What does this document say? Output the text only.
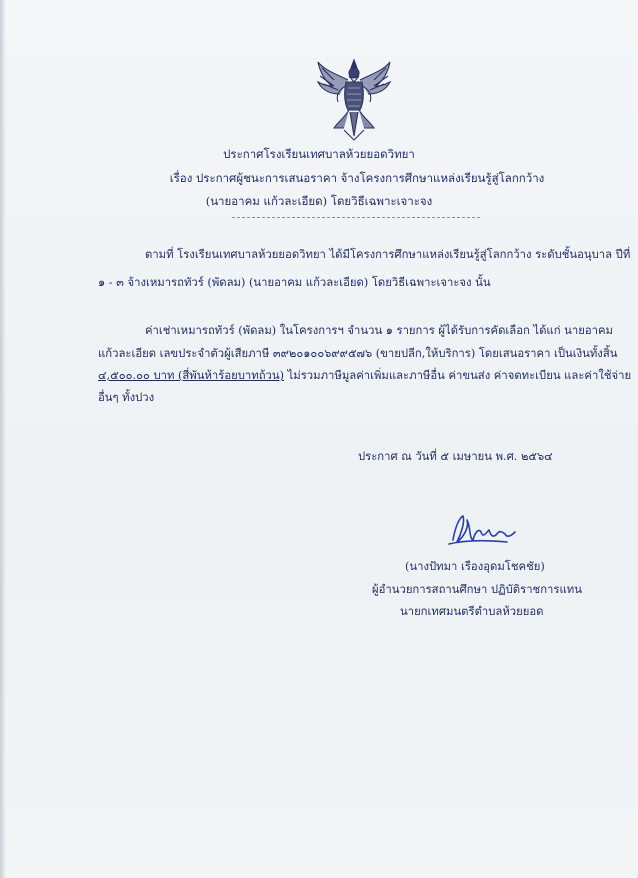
ประกาศโรงเรียนเทศบาลห้วยยอดวิทยา
เรื่อง ประกาศผู้ชนะการเสนอราคา จ้างโครงการศึกษาแหล่งเรียนรู้สู่โลกกว้าง
(นายอาคม แก้วละเอียด) โดยวิธีเฉพาะเจาะจง
ตามที่ โรงเรียนเทศบาลห้วยยอดวิทยา ได้มีโครงการศึกษาแหล่งเรียนรู้สู่โลกกว้าง ระดับชั้นอนุบาล ปีที่
๑ - ๓ จ้างเหมารถทัวร์ (พัดลม) (นายอาคม แก้วละเอียด) โดยวิธีเฉพาะเจาะจง นั้น
ค่าเช่าเหมารถทัวร์ (พัดลม) ในโครงการฯ จำนวน ๑ รายการ ผู้ได้รับการคัดเลือก ได้แก่ นายอาคม
แก้วละเอียด เลขประจำตัวผู้เสียภาษี ๓๙๒๐๑๐๐๖๙๙๕๗๖ (ขายปลีก,ให้บริการ) โดยเสนอราคา เป็นเงินทั้งสิ้น
๔,๕๐๐.๐๐ บาท (สี่พันห้าร้อยบาทถ้วน) ไม่รวมภาษีมูลค่าเพิ่มและภาษีอื่น ค่าขนส่ง ค่าจดทะเบียน และค่าใช้จ่าย
อื่นๆ ทั้งปวง
ประกาศ ณ วันที่ ๕ เมษายน พ.ศ. ๒๕๖๔
(นางปัทมา เรืองอุดมโชคชัย)
ผู้อำนวยการสถานศึกษา ปฏิบัติราชการแทน
นายกเทศมนตรีตำบลห้วยยอด
